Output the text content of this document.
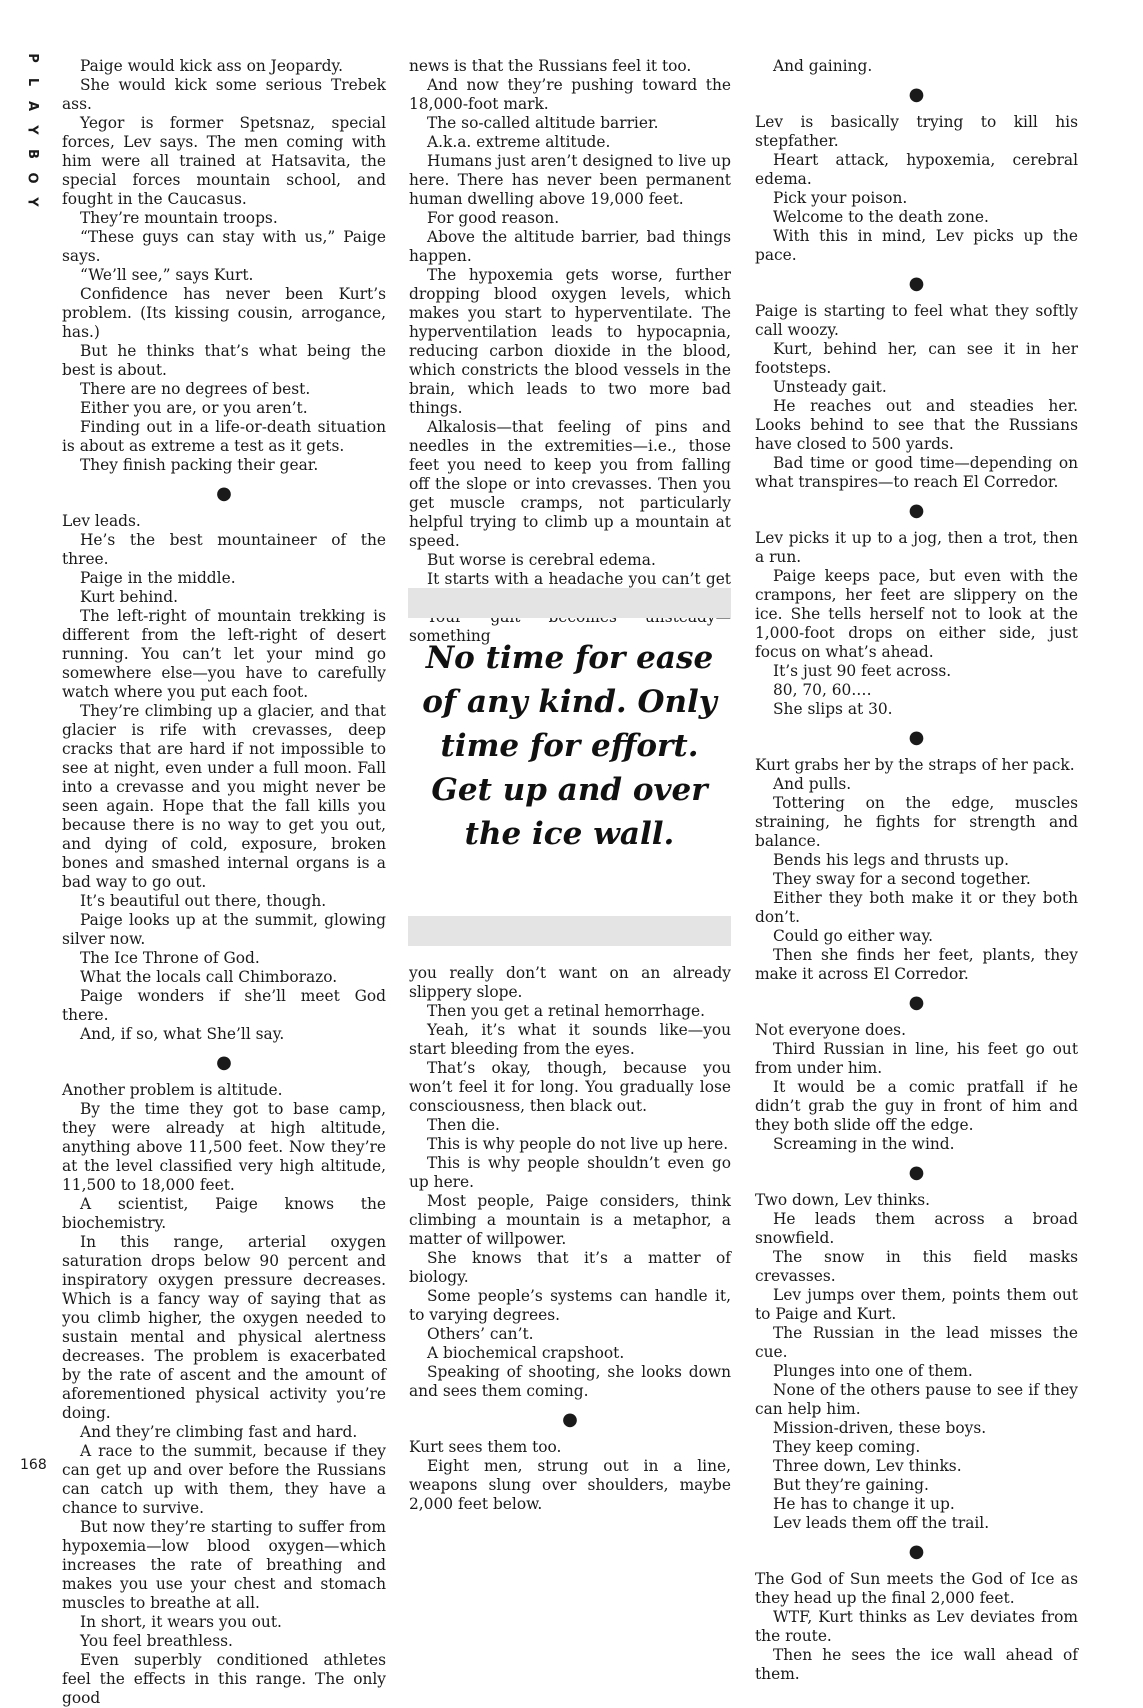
P
L
A
Y
B
O
Y
168

Paige would kick ass on Jeopardy.

She would kick some serious Trebek ass.

Yegor is former Spetsnaz, special forces, Lev says. The men coming with him were all trained at Hatsavita, the special forces mountain school, and fought in the Caucasus.

They’re mountain troops.

“These guys can stay with us,” Paige says.

“We’ll see,” says Kurt.

Confidence has never been Kurt’s problem. (Its kissing cousin, arrogance, has.)

But he thinks that’s what being the best is about.

There are no degrees of best.

Either you are, or you aren’t.

Finding out in a life-or-death situation is about as extreme a test as it gets.

They finish packing their gear.

●

Lev leads.

He’s the best mountaineer of the three.

Paige in the middle.

Kurt behind.

The left-right of mountain trekking is different from the left-right of desert running. You can’t let your mind go somewhere else—you have to carefully watch where you put each foot.

They’re climbing up a glacier, and that glacier is rife with crevasses, deep cracks that are hard if not impossible to see at night, even under a full moon. Fall into a crevasse and you might never be seen again. Hope that the fall kills you because there is no way to get you out, and dying of cold, exposure, broken bones and smashed internal organs is a bad way to go out.

It’s beautiful out there, though.

Paige looks up at the summit, glowing silver now.

The Ice Throne of God.

What the locals call Chimborazo.

Paige wonders if she’ll meet God there.

And, if so, what She’ll say.

●

Another problem is altitude.

By the time they got to base camp, they were already at high altitude, anything above 11,500 feet. Now they’re at the level classified very high altitude, 11,500 to 18,000 feet.

A scientist, Paige knows the biochemistry.

In this range, arterial oxygen saturation drops below 90 percent and inspiratory oxygen pressure decreases. Which is a fancy way of saying that as you climb higher, the oxygen needed to sustain mental and physical alertness decreases. The problem is exacerbated by the rate of ascent and the amount of aforementioned physical activity you’re doing.

And they’re climbing fast and hard.

A race to the summit, because if they can get up and over before the Russians can catch up with them, they have a chance to survive.

But now they’re starting to suffer from hypoxemia—low blood oxygen—which increases the rate of breathing and makes you use your chest and stomach muscles to breathe at all.

In short, it wears you out.

You feel breathless.

Even superbly conditioned athletes feel the effects in this range. The only good

news is that the Russians feel it too.

And now they’re pushing toward the 18,000-foot mark.

The so-called altitude barrier.

A.k.a. extreme altitude.

Humans just aren’t designed to live up here. There has never been permanent human dwelling above 19,000 feet.

For good reason.

Above the altitude barrier, bad things happen.

The hypoxemia gets worse, further dropping blood oxygen levels, which makes you start to hyperventilate. The hyperventilation leads to hypocapnia, reducing carbon dioxide in the blood, which constricts the blood vessels in the brain, which leads to two more bad things.

Alkalosis—that feeling of pins and needles in the extremities—i.e., those feet you need to keep you from falling off the slope or into crevasses. Then you get muscle cramps, not particularly helpful trying to climb up a mountain at speed.

But worse is cerebral edema.

It starts with a headache you can’t get

something

No time for ease of any kind. Only time for effort. Get up and over the ice wall.

you really don’t want on an already slippery slope.

Then you get a retinal hemorrhage.

Yeah, it’s what it sounds like—you start bleeding from the eyes.

That’s okay, though, because you won’t feel it for long. You gradually lose consciousness, then black out.

Then die.

This is why people do not live up here.

This is why people shouldn’t even go up here.

Most people, Paige considers, think climbing a mountain is a metaphor, a matter of willpower.

She knows that it’s a matter of biology.

Some people’s systems can handle it, to varying degrees.

Others’ can’t.

A biochemical crapshoot.

Speaking of shooting, she looks down and sees them coming.

●

Kurt sees them too.

Eight men, strung out in a line, weapons slung over shoulders, maybe 2,000 feet below.

And gaining.

●

Lev is basically trying to kill his stepfather.

Heart attack, hypoxemia, cerebral edema.

Pick your poison.

Welcome to the death zone.

With this in mind, Lev picks up the pace.

●

Paige is starting to feel what they softly call woozy.

Kurt, behind her, can see it in her footsteps.

Unsteady gait.

He reaches out and steadies her. Looks behind to see that the Russians have closed to 500 yards.

Bad time or good time—depending on what transpires—to reach El Corredor.

●

Lev picks it up to a jog, then a trot, then a run.

Paige keeps pace, but even with the crampons, her feet are slippery on the ice. She tells herself not to look at the 1,000-foot drops on either side, just focus on what’s ahead.

It’s just 90 feet across.

80, 70, 60.…

She slips at 30.

●

Kurt grabs her by the straps of her pack.

And pulls.

Tottering on the edge, muscles straining, he fights for strength and balance.

Bends his legs and thrusts up.

They sway for a second together.

Either they both make it or they both don’t.

Could go either way.

Then she finds her feet, plants, they make it across El Corredor.

●

Not everyone does.

Third Russian in line, his feet go out from under him.

It would be a comic pratfall if he didn’t grab the guy in front of him and they both slide off the edge.

Screaming in the wind.

●

Two down, Lev thinks.

He leads them across a broad snowfield.

The snow in this field masks crevasses.

Lev jumps over them, points them out to Paige and Kurt.

The Russian in the lead misses the cue.

Plunges into one of them.

None of the others pause to see if they can help him.

Mission-driven, these boys.

They keep coming.

Three down, Lev thinks.

But they’re gaining.

He has to change it up.

Lev leads them off the trail.

●

The God of Sun meets the God of Ice as they head up the final 2,000 feet.

WTF, Kurt thinks as Lev deviates from the route.

Then he sees the ice wall ahead of them.
